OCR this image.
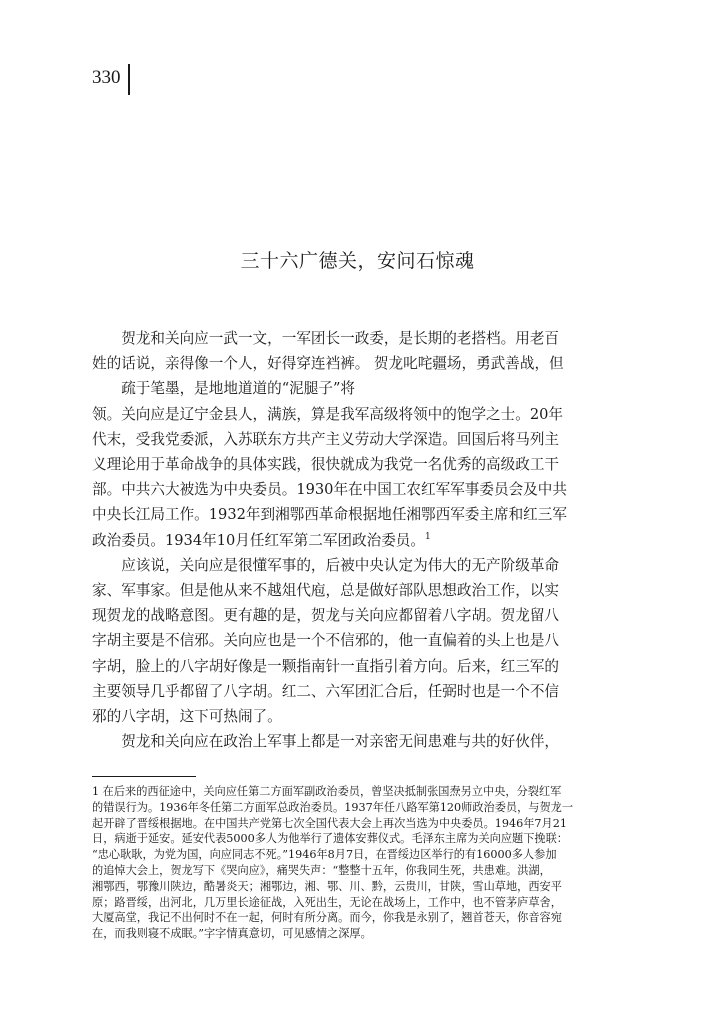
330
三十六广德关，安问石惊魂

贺龙和关向应一武一文，一军团长一政委，是长期的老搭档。用老百

姓的话说，亲得像一个人，好得穿连裆裤。 贺龙叱咤疆场，勇武善战，但

疏于笔墨，是地地道道的“泥腿子”将

领。关向应是辽宁金县人，满族，算是我军高级将领中的饱学之士。20年

代末，受我党委派，入苏联东方共产主义劳动大学深造。回国后将马列主

义理论用于革命战争的具体实践，很快就成为我党一名优秀的高级政工干

部。中共六大被选为中央委员。1930年在中国工农红军军事委员会及中共

中央长江局工作。1932年到湘鄂西革命根据地任湘鄂西军委主席和红三军

政治委员。1934年10月任红军第二军团政治委员。$^1$

应该说，关向应是很懂军事的，后被中央认定为伟大的无产阶级革命

家、军事家。但是他从来不越俎代庖，总是做好部队思想政治工作，以实

现贺龙的战略意图。更有趣的是，贺龙与关向应都留着八字胡。贺龙留八

字胡主要是不信邪。关向应也是一个不信邪的，他一直偏着的头上也是八

字胡，脸上的八字胡好像是一颗指南针一直指引着方向。后来，红三军的

主要领导几乎都留了八字胡。红二、六军团汇合后，任弼时也是一个不信

邪的八字胡，这下可热闹了。

贺龙和关向应在政治上军事上都是一对亲密无间患难与共的好伙伴，

1 在后来的西征途中，关向应任第二方面军副政治委员，曾坚决抵制张国焘另立中央，分裂红军

的错误行为。1936年冬任第二方面军总政治委员。1937年任八路军第120师政治委员，与贺龙一

起开辟了晋绥根据地。在中国共产党第七次全国代表大会上再次当选为中央委员。1946年7月21

日，病逝于延安。延安代表5000多人为他举行了遗体安葬仪式。毛泽东主席为关向应题下挽联：

“忠心耿耿，为党为国，向应同志不死。”1946年8月7日，在晋绥边区举行的有16000多人参加

的追悼大会上，贺龙写下《哭向应》，痛哭失声：“整整十五年，你我同生死，共患难。洪湖，

湘鄂西，鄂豫川陕边，酷暑炎天；湘鄂边，湘、鄂、川、黔，云贵川，甘陕，雪山草地，西安平

原；路晋绥，出河北，几万里长途征战，入死出生，无论在战场上，工作中，也不管茅庐草舍，

大厦高堂，我记不出何时不在一起，何时有所分离。而今，你我是永别了，翘首苍天，你音容宛

在，而我则寝不成眠。”字字情真意切，可见感情之深厚。
